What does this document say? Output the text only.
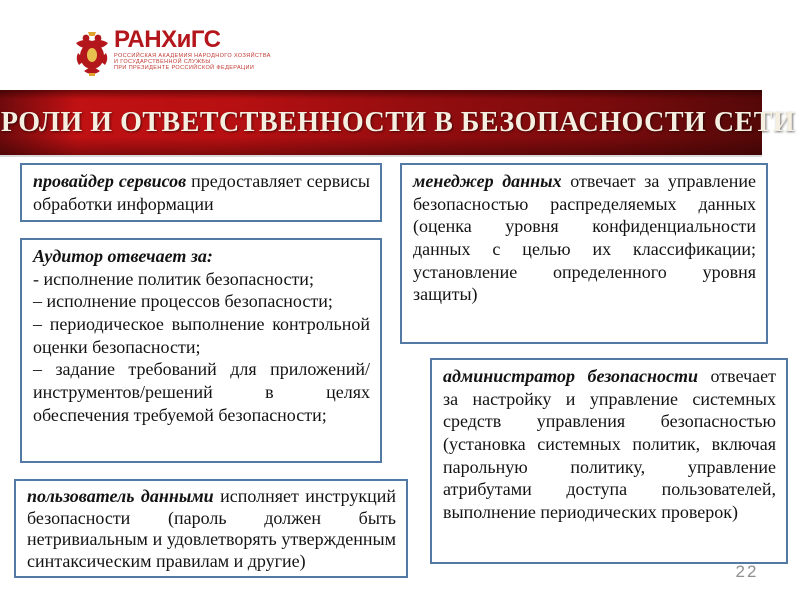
РАНХиГС
РОССИЙСКАЯ АКАДЕМИЯ НАРОДНОГО ХОЗЯЙСТВА
И ГОСУДАРСТВЕННОЙ СЛУЖБЫ
ПРИ ПРЕЗИДЕНТЕ РОССИЙСКОЙ ФЕДЕРАЦИИ
РОЛИ И ОТВЕТСТВЕННОСТИ В БЕЗОПАСНОСТИ СЕТИ

провайдер сервисов предоставляет сервисы обработки информации

Аудитор отвечает за:

- исполнение политик безопасности;

– исполнение процессов безопасности;

– периодическое выполнение контрольной оценки безопасности;

– задание требований для приложений/инструментов/решений в целях обеспечения требуемой безопасности;

пользователь данными исполняет инструкций безопасности (пароль должен быть нетривиальным и удовлетворять утвержденным синтаксическим правилам и другие)

менеджер данных отвечает за управление безопасностью распределяемых данных (оценка уровня конфиденциальности данных с целью их классификации; установление определенного уровня защиты)

администратор безопасности отвечает за настройку и управление системных средств управления безопасностью (установка системных политик, включая парольную политику, управление атрибутами доступа пользователей, выполнение периодических проверок)

22
